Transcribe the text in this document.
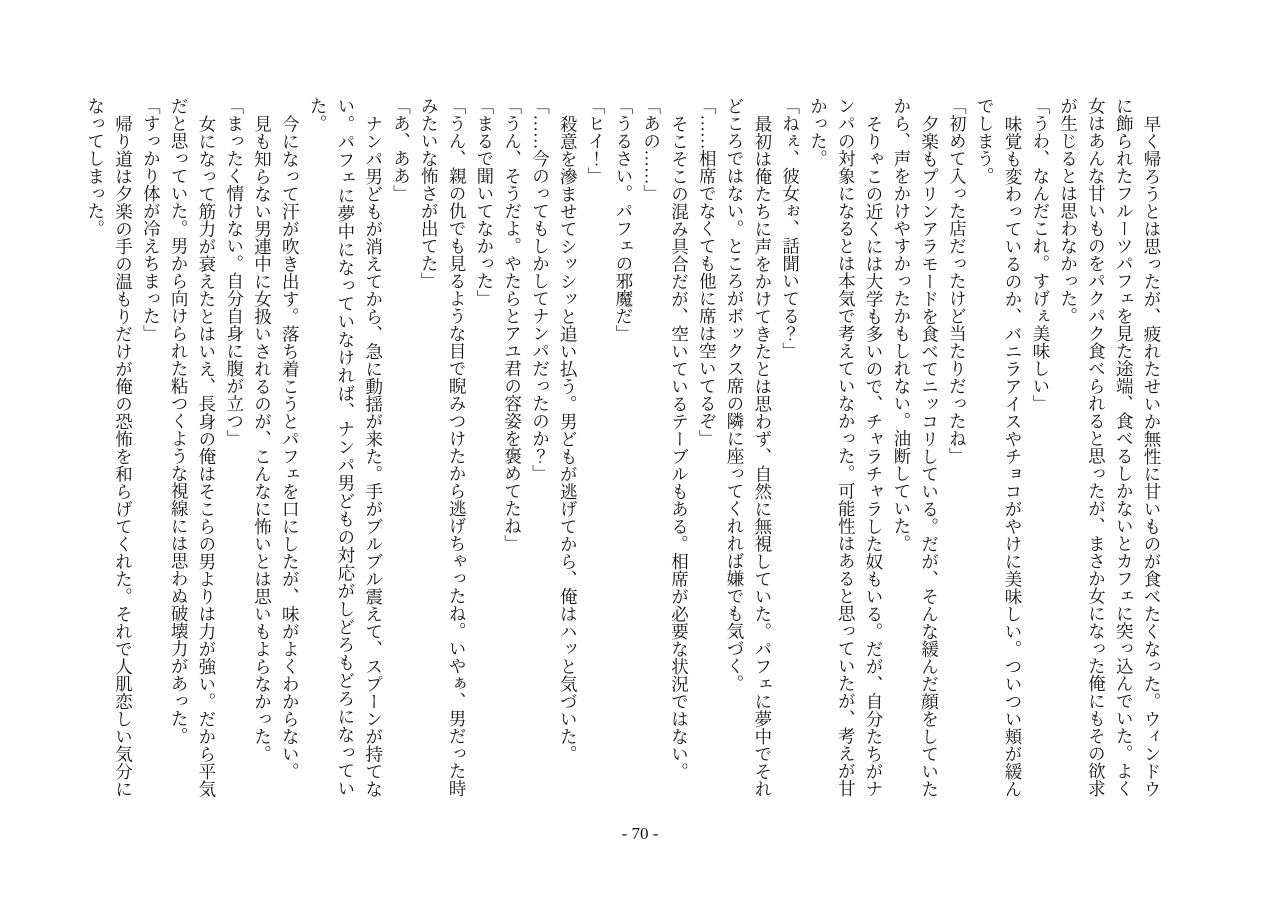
早く帰ろうとは思ったが、疲れたせいか無性に甘いものが食べたくなった。ウィンドウに飾られたフルーツパフェを見た途端、食べるしかないとカフェに突っ込んでいた。よく女はあんな甘いものをパクパク食べられると思ったが、まさか女になった俺にもその欲求が生じるとは思わなかった。

「うわ、なんだこれ。すげぇ美味しい」

味覚も変わっているのか、バニラアイスやチョコがやけに美味しい。ついつい頬が緩んでしまう。

「初めて入った店だったけど当たりだったね」

夕楽もプリンアラモードを食べてニッコリしている。だが、そんな緩んだ顔をしていたから、声をかけやすかったかもしれない。油断していた。

そりゃこの近くには大学も多いので、チャラチャラした奴もいる。だが、自分たちがナンパの対象になるとは本気で考えていなかった。可能性はあると思っていたが、考えが甘かった。

「ねぇ、彼女ぉ、話聞いてる？」

最初は俺たちに声をかけてきたとは思わず、自然に無視していた。パフェに夢中でそれどころではない。ところがボックス席の隣に座ってくれれば嫌でも気づく。

「……相席でなくても他に席は空いてるぞ」

そこそこの混み具合だが、空いているテーブルもある。相席が必要な状況ではない。

「あの……」

「うるさい。パフェの邪魔だ」

「ヒイ！」

殺意を滲ませてシッシッと追い払う。男どもが逃げてから、俺はハッと気づいた。

「……今のってもしかしてナンパだったのか？」

「うん、そうだよ。やたらとアユ君の容姿を褒めてたね」

「まるで聞いてなかった」

「うん、親の仇でも見るような目で睨みつけたから逃げちゃったね。いやぁ、男だった時みたいな怖さが出てた」

「あ、ああ」

ナンパ男どもが消えてから、急に動揺が来た。手がブルブル震えて、スプーンが持てない。パフェに夢中になっていなければ、ナンパ男どもの対応がしどろもどろになっていた。

今になって汗が吹き出す。落ち着こうとパフェを口にしたが、味がよくわからない。

見も知らない男連中に女扱いされるのが、こんなに怖いとは思いもよらなかった。

「まったく情けない。自分自身に腹が立つ」

女になって筋力が衰えたとはいえ、長身の俺はそこらの男よりは力が強い。だから平気だと思っていた。男から向けられた粘つくような視線には思わぬ破壊力があった。

「すっかり体が冷えちまった」

帰り道は夕楽の手の温もりだけが俺の恐怖を和らげてくれた。それで人肌恋しい気分になってしまった。

- 70 -
